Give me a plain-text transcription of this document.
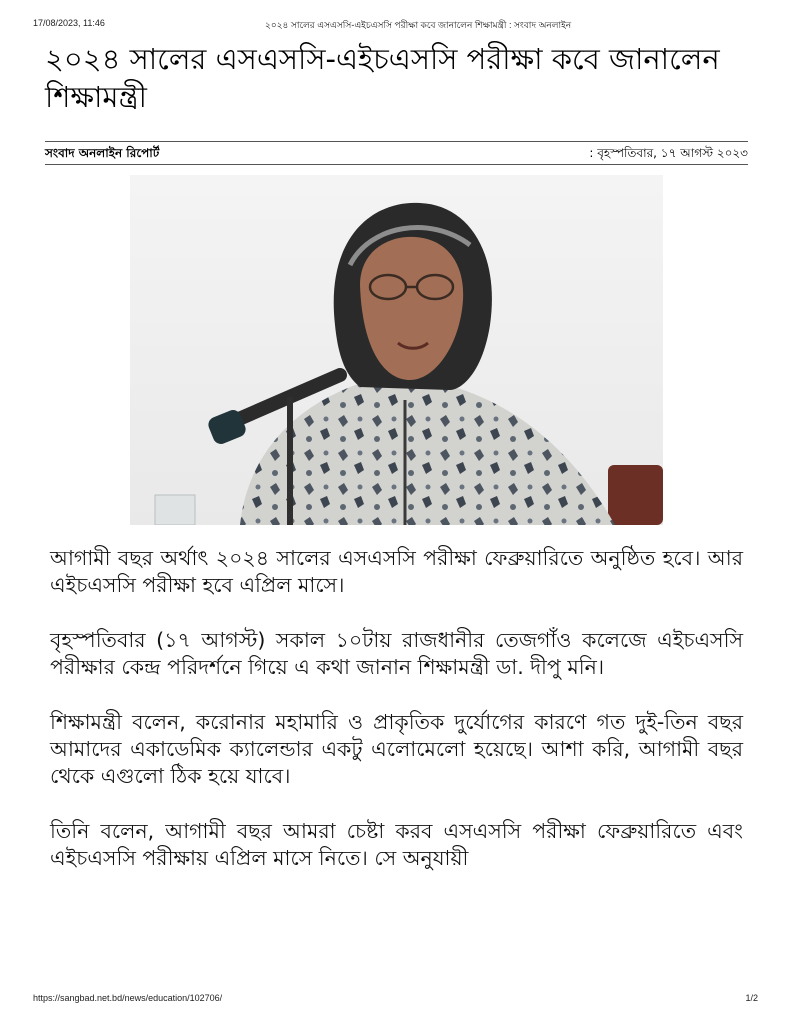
17/08/2023, 11:46	২০২৪ সালের এসএসসি-এইচএসসি পরীক্ষা কবে জানালেন শিক্ষামন্ত্রী : সংবাদ অনলাইন
২০২৪ সালের এসএসসি-এইচএসসি পরীক্ষা কবে জানালেন শিক্ষামন্ত্রী
সংবাদ অনলাইন রিপোর্ট	: বৃহস্পতিবার, ১৭ আগস্ট ২০২৩

আগামী বছর অর্থাৎ ২০২৪ সালের এসএসসি পরীক্ষা ফেব্রুয়ারিতে অনুষ্ঠিত হবে। আর এইচএসসি পরীক্ষা হবে এপ্রিল মাসে।

বৃহস্পতিবার (১৭ আগস্ট) সকাল ১০টায় রাজধানীর তেজগাঁও কলেজে এইচএসসি পরীক্ষার কেন্দ্র পরিদর্শনে গিয়ে এ কথা জানান শিক্ষামন্ত্রী ডা. দীপু মনি।

শিক্ষামন্ত্রী বলেন, করোনার মহামারি ও প্রাকৃতিক দুর্যোগের কারণে গত দুই-তিন বছর আমাদের একাডেমিক ক্যালেন্ডার একটু এলোমেলো হয়েছে। আশা করি, আগামী বছর থেকে এগুলো ঠিক হয়ে যাবে।

তিনি বলেন, আগামী বছর আমরা চেষ্টা করব এসএসসি পরীক্ষা ফেব্রুয়ারিতে এবং এইচএসসি পরীক্ষায় এপ্রিল মাসে নিতে। সে অনুযায়ী

https://sangbad.net.bd/news/education/102706/	1/2
